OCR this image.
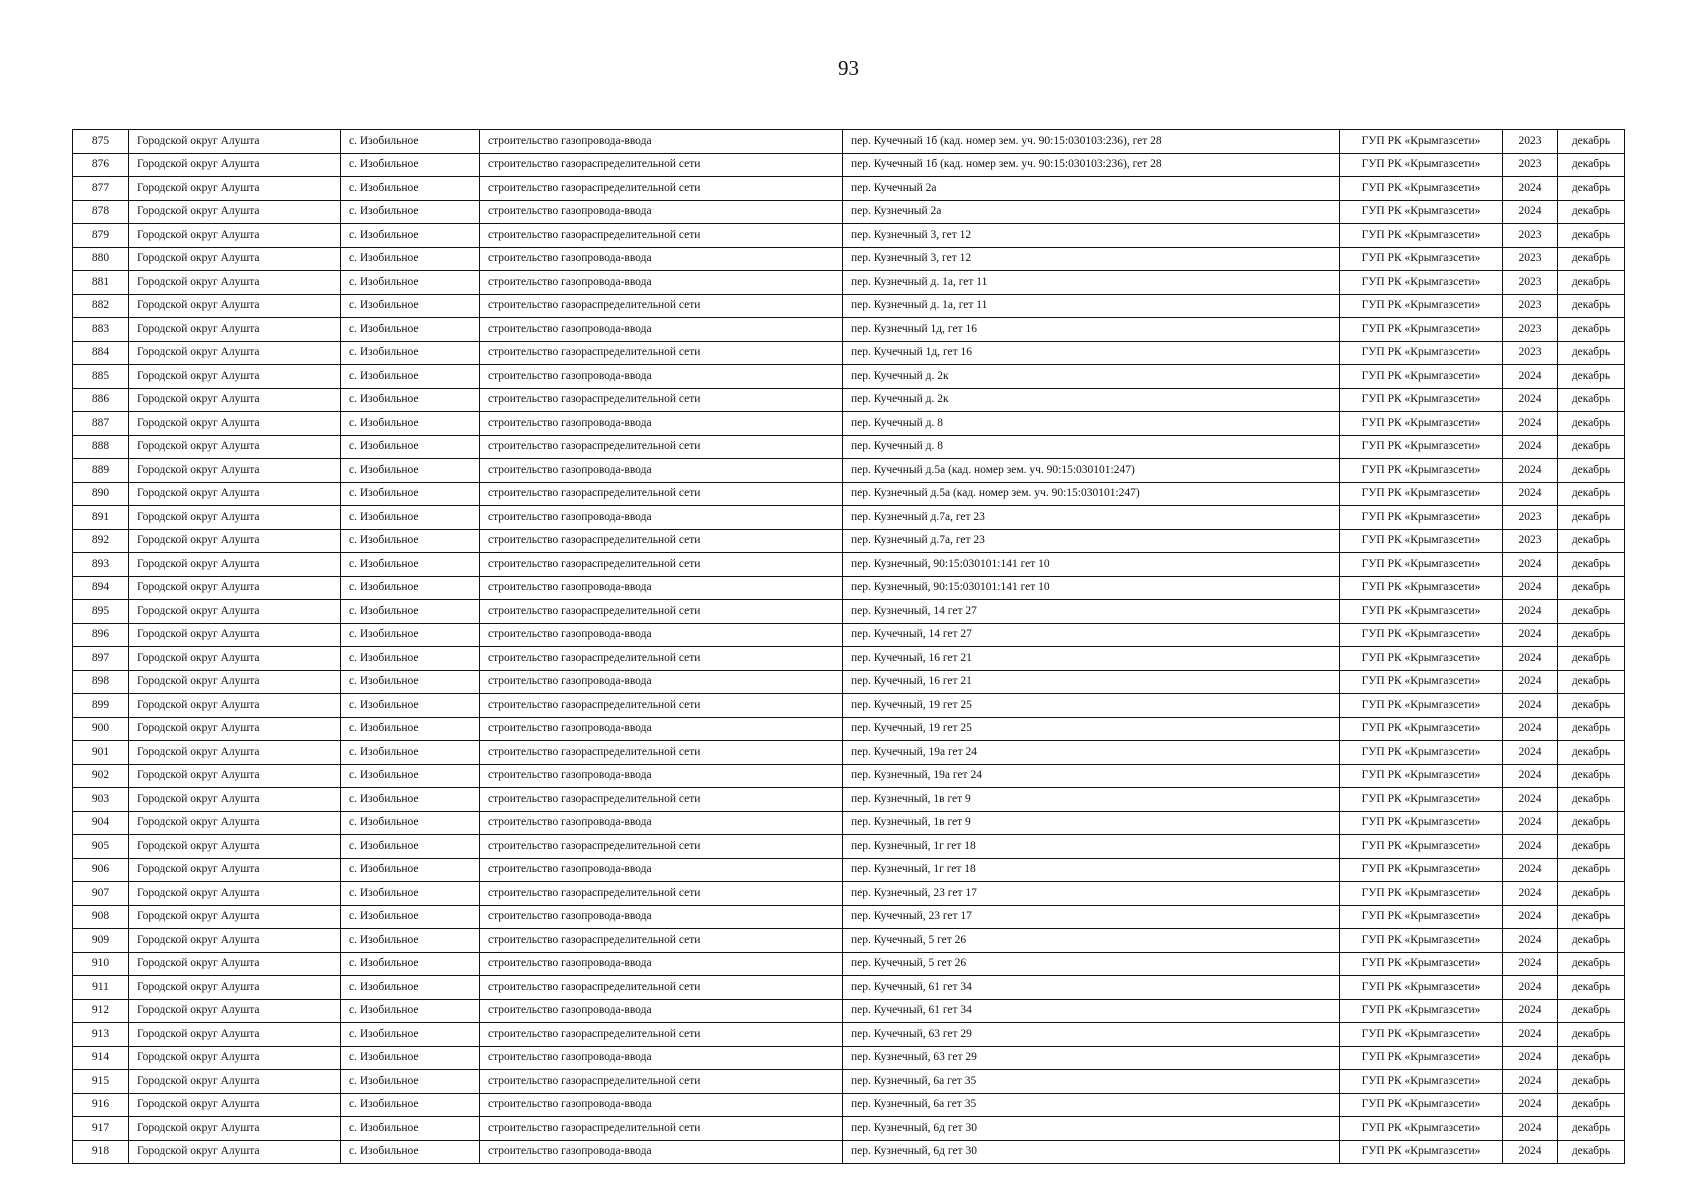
93
875	Городской округ Алушта	с. Изобильное	строительство газопровода-ввода	пер. Кучечный 1б (кад. номер зем. уч. 90:15:030103:236), гет 28	ГУП РК «Крымгазсети»	2023	декабрь
876	Городской округ Алушта	с. Изобильное	строительство газораспределительной сети	пер. Кучечный 1б (кад. номер зем. уч. 90:15:030103:236), гет 28	ГУП РК «Крымгазсети»	2023	декабрь
877	Городской округ Алушта	с. Изобильное	строительство газораспределительной сети	пер. Кучечный 2а	ГУП РК «Крымгазсети»	2024	декабрь
878	Городской округ Алушта	с. Изобильное	строительство газопровода-ввода	пер. Кузнечный 2а	ГУП РК «Крымгазсети»	2024	декабрь
879	Городской округ Алушта	с. Изобильное	строительство газораспределительной сети	пер. Кузнечный 3, гет 12	ГУП РК «Крымгазсети»	2023	декабрь
880	Городской округ Алушта	с. Изобильное	строительство газопровода-ввода	пер. Кузнечный 3, гет 12	ГУП РК «Крымгазсети»	2023	декабрь
881	Городской округ Алушта	с. Изобильное	строительство газопровода-ввода	пер. Кузнечный д. 1а, гет 11	ГУП РК «Крымгазсети»	2023	декабрь
882	Городской округ Алушта	с. Изобильное	строительство газораспределительной сети	пер. Кузнечный д. 1а, гет 11	ГУП РК «Крымгазсети»	2023	декабрь
883	Городской округ Алушта	с. Изобильное	строительство газопровода-ввода	пер. Кузнечный 1д, гет 16	ГУП РК «Крымгазсети»	2023	декабрь
884	Городской округ Алушта	с. Изобильное	строительство газораспределительной сети	пер. Кучечный 1д, гет 16	ГУП РК «Крымгазсети»	2023	декабрь
885	Городской округ Алушта	с. Изобильное	строительство газопровода-ввода	пер. Кучечный д. 2к	ГУП РК «Крымгазсети»	2024	декабрь
886	Городской округ Алушта	с. Изобильное	строительство газораспределительной сети	пер. Кучечный д. 2к	ГУП РК «Крымгазсети»	2024	декабрь
887	Городской округ Алушта	с. Изобильное	строительство газопровода-ввода	пер. Кучечный д. 8	ГУП РК «Крымгазсети»	2024	декабрь
888	Городской округ Алушта	с. Изобильное	строительство газораспределительной сети	пер. Кучечный д. 8	ГУП РК «Крымгазсети»	2024	декабрь
889	Городской округ Алушта	с. Изобильное	строительство газопровода-ввода	пер. Кучечный д.5а (кад. номер зем. уч. 90:15:030101:247)	ГУП РК «Крымгазсети»	2024	декабрь
890	Городской округ Алушта	с. Изобильное	строительство газораспределительной сети	пер. Кузнечный д.5а (кад. номер зем. уч. 90:15:030101:247)	ГУП РК «Крымгазсети»	2024	декабрь
891	Городской округ Алушта	с. Изобильное	строительство газопровода-ввода	пер. Кузнечный д.7а, гет 23	ГУП РК «Крымгазсети»	2023	декабрь
892	Городской округ Алушта	с. Изобильное	строительство газораспределительной сети	пер. Кузнечный д.7а, гет 23	ГУП РК «Крымгазсети»	2023	декабрь
893	Городской округ Алушта	с. Изобильное	строительство газораспределительной сети	пер. Кузнечный, 90:15:030101:141 гет 10	ГУП РК «Крымгазсети»	2024	декабрь
894	Городской округ Алушта	с. Изобильное	строительство газопровода-ввода	пер. Кузнечный, 90:15:030101:141 гет 10	ГУП РК «Крымгазсети»	2024	декабрь
895	Городской округ Алушта	с. Изобильное	строительство газораспределительной сети	пер. Кузнечный, 14 гет 27	ГУП РК «Крымгазсети»	2024	декабрь
896	Городской округ Алушта	с. Изобильное	строительство газопровода-ввода	пер. Кучечный, 14 гет 27	ГУП РК «Крымгазсети»	2024	декабрь
897	Городской округ Алушта	с. Изобильное	строительство газораспределительной сети	пер. Кучечный, 16 гет 21	ГУП РК «Крымгазсети»	2024	декабрь
898	Городской округ Алушта	с. Изобильное	строительство газопровода-ввода	пер. Кучечный, 16 гет 21	ГУП РК «Крымгазсети»	2024	декабрь
899	Городской округ Алушта	с. Изобильное	строительство газораспределительной сети	пер. Кучечный, 19 гет 25	ГУП РК «Крымгазсети»	2024	декабрь
900	Городской округ Алушта	с. Изобильное	строительство газопровода-ввода	пер. Кучечный, 19 гет 25	ГУП РК «Крымгазсети»	2024	декабрь
901	Городской округ Алушта	с. Изобильное	строительство газораспределительной сети	пер. Кучечный, 19а гет 24	ГУП РК «Крымгазсети»	2024	декабрь
902	Городской округ Алушта	с. Изобильное	строительство газопровода-ввода	пер. Кузнечный, 19а гет 24	ГУП РК «Крымгазсети»	2024	декабрь
903	Городской округ Алушта	с. Изобильное	строительство газораспределительной сети	пер. Кузнечный, 1в гет 9	ГУП РК «Крымгазсети»	2024	декабрь
904	Городской округ Алушта	с. Изобильное	строительство газопровода-ввода	пер. Кузнечный, 1в гет 9	ГУП РК «Крымгазсети»	2024	декабрь
905	Городской округ Алушта	с. Изобильное	строительство газораспределительной сети	пер. Кузнечный, 1г гет 18	ГУП РК «Крымгазсети»	2024	декабрь
906	Городской округ Алушта	с. Изобильное	строительство газопровода-ввода	пер. Кузнечный, 1г гет 18	ГУП РК «Крымгазсети»	2024	декабрь
907	Городской округ Алушта	с. Изобильное	строительство газораспределительной сети	пер. Кузнечный, 23 гет 17	ГУП РК «Крымгазсети»	2024	декабрь
908	Городской округ Алушта	с. Изобильное	строительство газопровода-ввода	пер. Кучечный, 23 гет 17	ГУП РК «Крымгазсети»	2024	декабрь
909	Городской округ Алушта	с. Изобильное	строительство газораспределительной сети	пер. Кучечный, 5 гет 26	ГУП РК «Крымгазсети»	2024	декабрь
910	Городской округ Алушта	с. Изобильное	строительство газопровода-ввода	пер. Кучечный, 5 гет 26	ГУП РК «Крымгазсети»	2024	декабрь
911	Городской округ Алушта	с. Изобильное	строительство газораспределительной сети	пер. Кучечный, 61 гет 34	ГУП РК «Крымгазсети»	2024	декабрь
912	Городской округ Алушта	с. Изобильное	строительство газопровода-ввода	пер. Кучечный, 61 гет 34	ГУП РК «Крымгазсети»	2024	декабрь
913	Городской округ Алушта	с. Изобильное	строительство газораспределительной сети	пер. Кучечный, 63 гет 29	ГУП РК «Крымгазсети»	2024	декабрь
914	Городской округ Алушта	с. Изобильное	строительство газопровода-ввода	пер. Кузнечный, 63 гет 29	ГУП РК «Крымгазсети»	2024	декабрь
915	Городской округ Алушта	с. Изобильное	строительство газораспределительной сети	пер. Кузнечный, 6а гет 35	ГУП РК «Крымгазсети»	2024	декабрь
916	Городской округ Алушта	с. Изобильное	строительство газопровода-ввода	пер. Кузнечный, 6а гет 35	ГУП РК «Крымгазсети»	2024	декабрь
917	Городской округ Алушта	с. Изобильное	строительство газораспределительной сети	пер. Кузнечный, 6д гет 30	ГУП РК «Крымгазсети»	2024	декабрь
918	Городской округ Алушта	с. Изобильное	строительство газопровода-ввода	пер. Кузнечный, 6д гет 30	ГУП РК «Крымгазсети»	2024	декабрь
